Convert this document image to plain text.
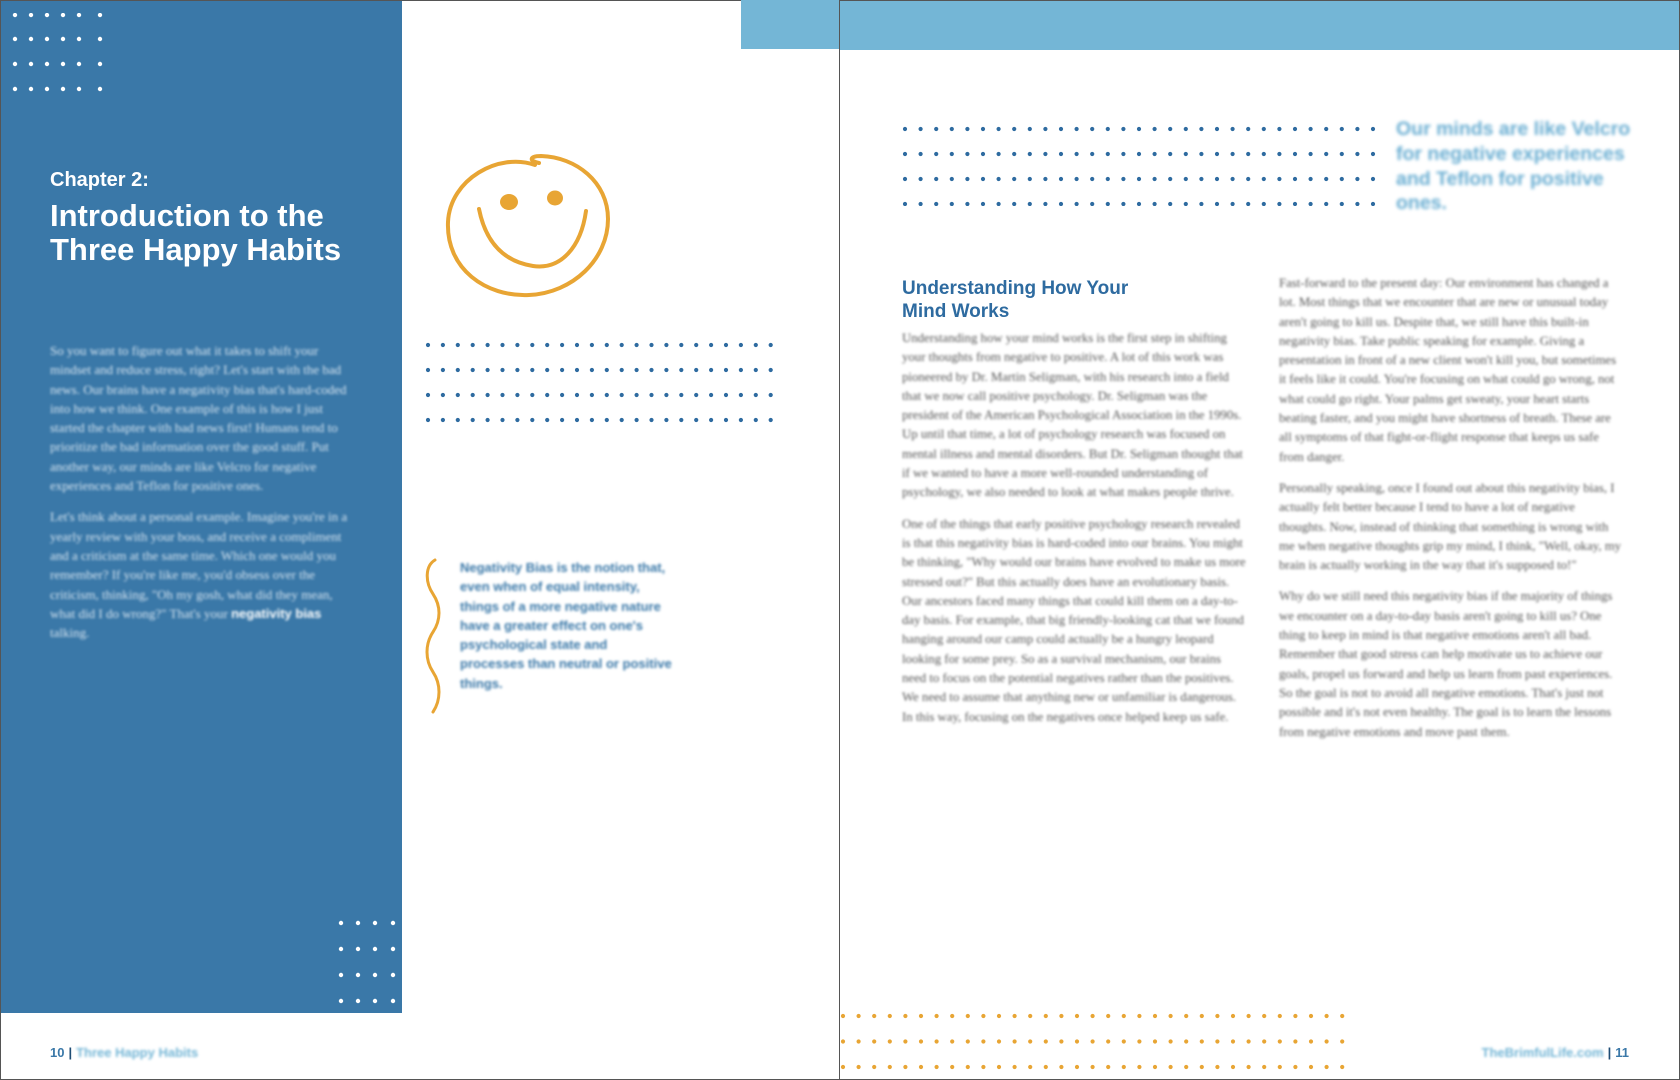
Chapter 2:
Introduction to the Three Happy Habits

So you want to figure out what it takes to shift your mindset and reduce stress, right? Let's start with the bad news. Our brains have a negativity bias that's hard-coded into how we think. One example of this is how I just started the chapter with bad news first! Humans tend to prioritize the bad information over the good stuff. Put another way, our minds are like Velcro for negative experiences and Teflon for positive ones.

Let's think about a personal example. Imagine you're in a yearly review with your boss, and receive a compliment and a criticism at the same time. Which one would you remember? If you're like me, you'd obsess over the criticism, thinking, "Oh my gosh, what did they mean, what did I do wrong?" That's your negativity bias talking.

Negativity Bias is the notion that, even when of equal intensity, things of a more negative nature have a greater effect on one's psychological state and processes than neutral or positive things.
10 | Three Happy Habits
Our minds are like Velcro for negative experiences and Teflon for positive ones.
Understanding How Your Mind Works

Understanding how your mind works is the first step in shifting your thoughts from negative to positive. A lot of this work was pioneered by Dr. Martin Seligman, with his research into a field that we now call positive psychology. Dr. Seligman was the president of the American Psychological Association in the 1990s. Up until that time, a lot of psychology research was focused on mental illness and mental disorders. But Dr. Seligman thought that if we wanted to have a more well-rounded understanding of psychology, we also needed to look at what makes people thrive.

One of the things that early positive psychology research revealed is that this negativity bias is hard-coded into our brains. You might be thinking, "Why would our brains have evolved to make us more stressed out?" But this actually does have an evolutionary basis. Our ancestors faced many things that could kill them on a day-to-day basis. For example, that big friendly-looking cat that we found hanging around our camp could actually be a hungry leopard looking for some prey. So as a survival mechanism, our brains need to focus on the potential negatives rather than the positives. We need to assume that anything new or unfamiliar is dangerous. In this way, focusing on the negatives once helped keep us safe.

Fast-forward to the present day: Our environment has changed a lot. Most things that we encounter that are new or unusual today aren't going to kill us. Despite that, we still have this built-in negativity bias. Take public speaking for example. Giving a presentation in front of a new client won't kill you, but sometimes it feels like it could. You're focusing on what could go wrong, not what could go right. Your palms get sweaty, your heart starts beating faster, and you might have shortness of breath. These are all symptoms of that fight-or-flight response that keeps us safe from danger.

Personally speaking, once I found out about this negativity bias, I actually felt better because I tend to have a lot of negative thoughts. Now, instead of thinking that something is wrong with me when negative thoughts grip my mind, I think, "Well, okay, my brain is actually working in the way that it's supposed to!"

Why do we still need this negativity bias if the majority of things we encounter on a day-to-day basis aren't going to kill us? One thing to keep in mind is that negative emotions aren't all bad. Remember that good stress can help motivate us to achieve our goals, propel us forward and help us learn from past experiences. So the goal is not to avoid all negative emotions. That's just not possible and it's not even healthy. The goal is to learn the lessons from negative emotions and move past them.

TheBrimfulLife.com | 11
